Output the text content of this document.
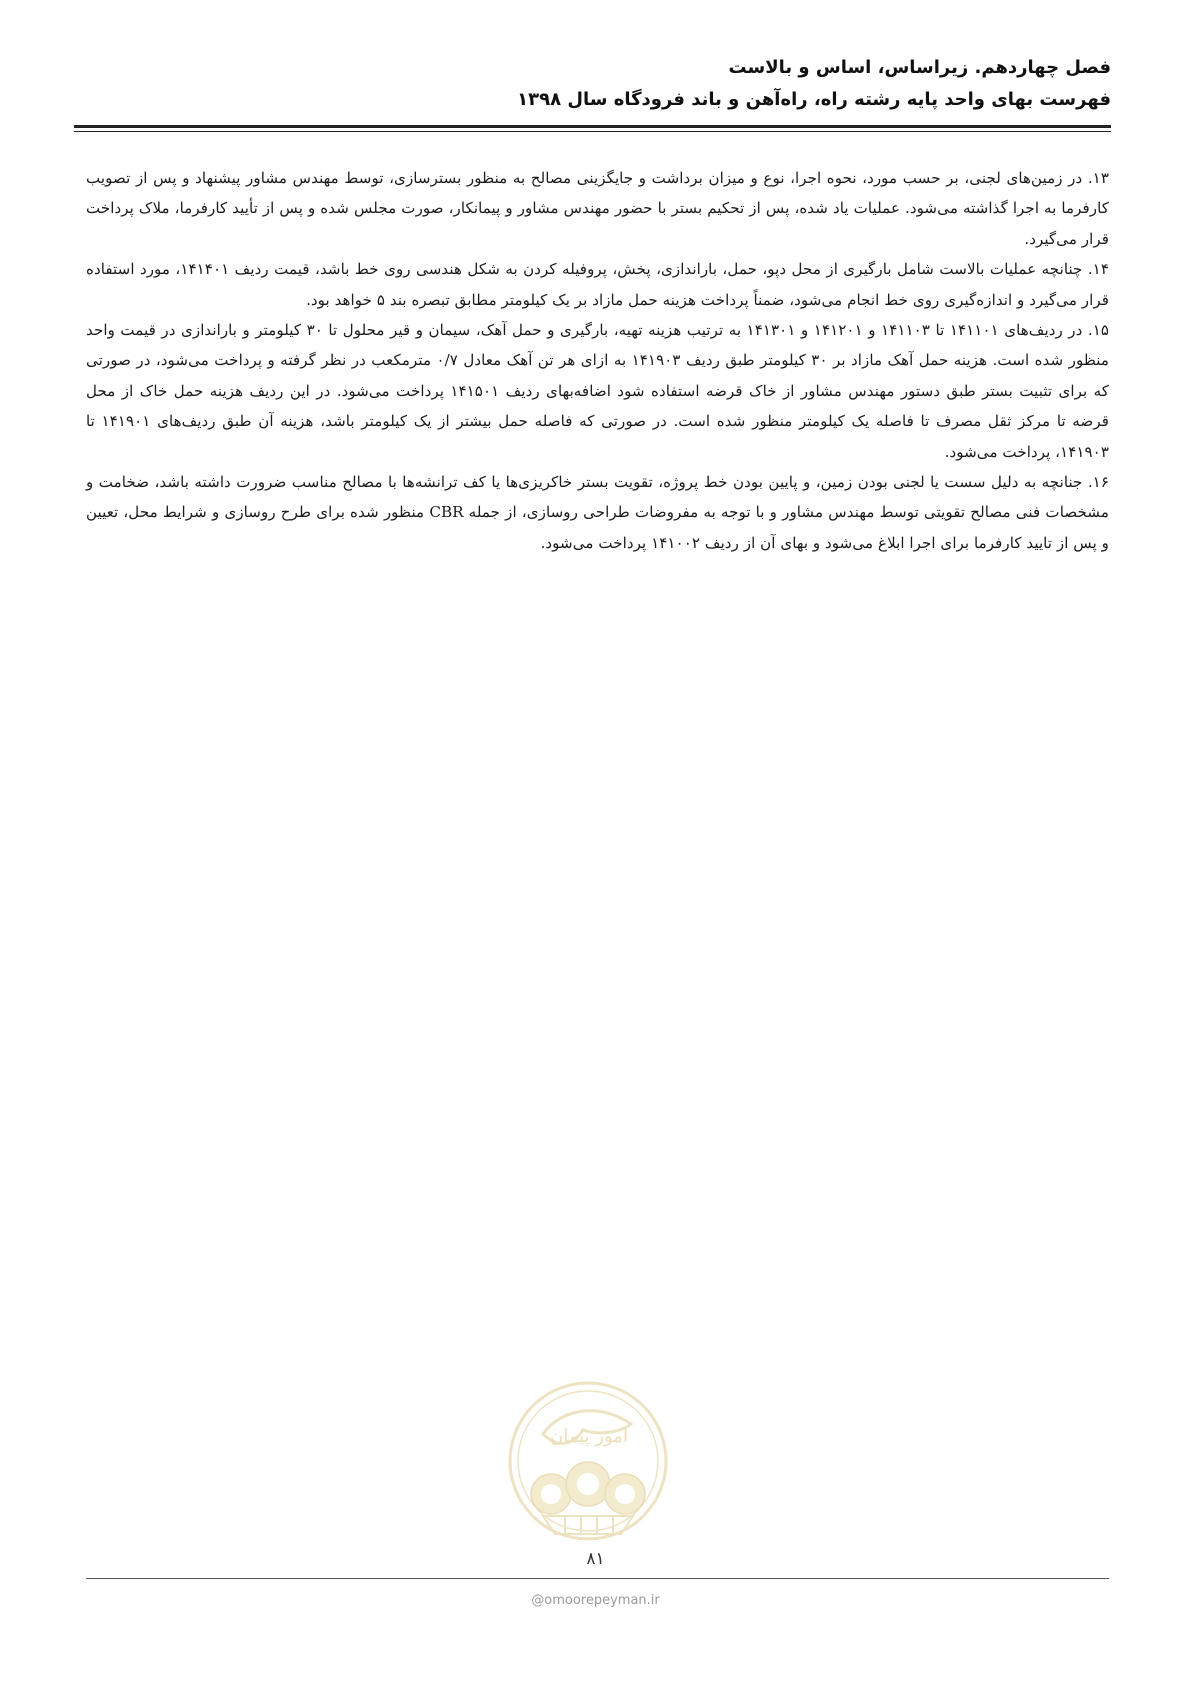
فصل چهاردهم. زیراساس، اساس و بالاست
فهرست بهای واحد پایه رشته راه، راه‌آهن و باند فرودگاه سال ۱۳۹۸

۱۳. در زمین‌های لجنی، بر حسب مورد، نحوه اجرا، نوع و میزان برداشت و جایگزینی مصالح به منظور بسترسازی، توسط مهندس مشاور پیشنهاد و پس از تصویب کارفرما به اجرا گذاشته می‌شود. عملیات یاد شده، پس از تحکیم بستر با حضور مهندس مشاور و پیمانکار، صورت مجلس شده و پس از تأیید کارفرما، ملاک پرداخت قرار می‌گیرد.

۱۴. چنانچه عملیات بالاست شامل بارگیری از محل دپو، حمل، باراندازی، پخش، پروفیله کردن به شکل هندسی روی خط باشد، قیمت ردیف ۱۴۱۴۰۱، مورد استفاده قرار می‌گیرد و اندازه‌گیری روی خط انجام می‌شود، ضمناً پرداخت هزینه حمل مازاد بر یک کیلومتر مطابق تبصره بند ۵ خواهد بود.

۱۵. در ردیف‌های ۱۴۱۱۰۱ تا ۱۴۱۱۰۳ و ۱۴۱۲۰۱ و ۱۴۱۳۰۱ به ترتیب هزینه تهیه، بارگیری و حمل آهک، سیمان و قیر محلول تا ۳۰ کیلومتر و باراندازی در قیمت واحد منظور شده است. هزینه حمل آهک مازاد بر ۳۰ کیلومتر طبق ردیف ۱۴۱۹۰۳ به ازای هر تن آهک معادل ۰/۷ مترمکعب در نظر گرفته و پرداخت می‌شود، در صورتی که برای تثبیت بستر طبق دستور مهندس مشاور از خاک قرضه استفاده شود اضافه‌بهای ردیف ۱۴۱۵۰۱ پرداخت می‌شود. در این ردیف هزینه حمل خاک از محل قرضه تا مرکز ثقل مصرف تا فاصله یک کیلومتر منظور شده است. در صورتی که فاصله حمل بیشتر از یک کیلومتر باشد، هزینه آن طبق ردیف‌های ۱۴۱۹۰۱ تا ۱۴۱۹۰۳، پرداخت می‌شود.

۱۶. جنانچه به دلیل سست یا لجنی بودن زمین، و پایین بودن خط پروژه، تقویت بستر خاکریزی‌ها یا کف ترانشه‌ها با مصالح مناسب ضرورت داشته باشد، ضخامت و مشخصات فنی مصالح تقویتی توسط مهندس مشاور و با توجه به مفروضات طراحی روسازی، از جمله CBR منظور شده برای طرح روسازی و شرایط محل، تعیین و پس از تایید کارفرما برای اجرا ابلاغ می‌شود و بهای آن از ردیف ۱۴۱۰۰۲ پرداخت می‌شود.

امور پیمان
۸۱
@omoorepeyman.ir
